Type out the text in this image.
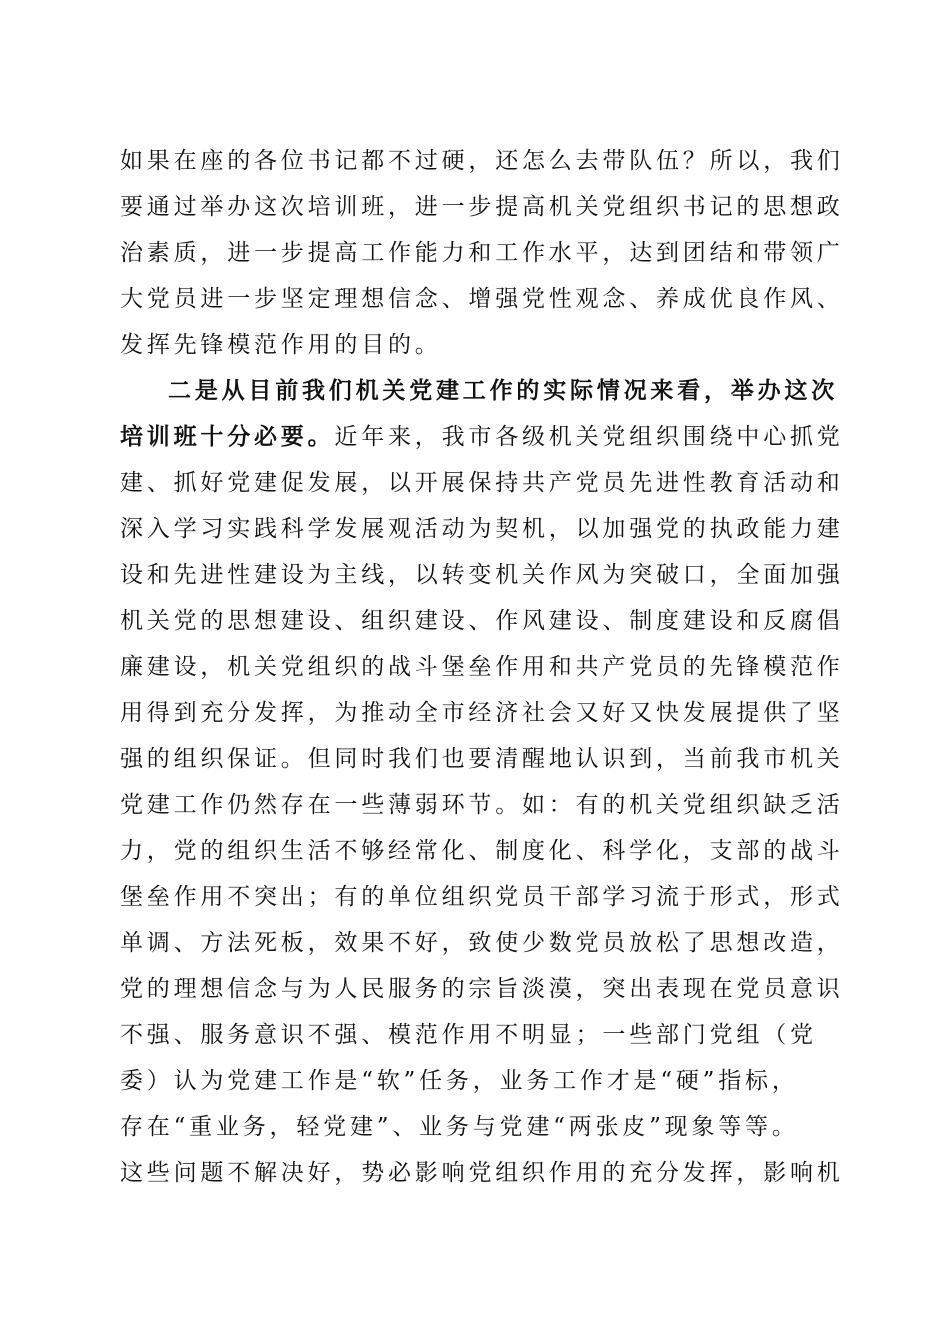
如果在座的各位书记都不过硬，还怎么去带队伍？所以，我们
要通过举办这次培训班，进一步提高机关党组织书记的思想政
治素质，进一步提高工作能力和工作水平，达到团结和带领广
大党员进一步坚定理想信念、增强党性观念、养成优良作风、
发挥先锋模范作用的目的。
二是从目前我们机关党建工作的实际情况来看，举办这次
培训班十分必要。近年来，我市各级机关党组织围绕中心抓党
建、抓好党建促发展，以开展保持共产党员先进性教育活动和
深入学习实践科学发展观活动为契机，以加强党的执政能力建
设和先进性建设为主线，以转变机关作风为突破口，全面加强
机关党的思想建设、组织建设、作风建设、制度建设和反腐倡
廉建设，机关党组织的战斗堡垒作用和共产党员的先锋模范作
用得到充分发挥，为推动全市经济社会又好又快发展提供了坚
强的组织保证。但同时我们也要清醒地认识到，当前我市机关
党建工作仍然存在一些薄弱环节。如：有的机关党组织缺乏活
力，党的组织生活不够经常化、制度化、科学化，支部的战斗
堡垒作用不突出；有的单位组织党员干部学习流于形式，形式
单调、方法死板，效果不好，致使少数党员放松了思想改造，
党的理想信念与为人民服务的宗旨淡漠，突出表现在党员意识
不强、服务意识不强、模范作用不明显；一些部门党组（党
委）认为党建工作是“软”任务，业务工作才是“硬”指标，
存在“重业务，轻党建”、业务与党建“两张皮”现象等等。
这些问题不解决好，势必影响党组织作用的充分发挥，影响机
